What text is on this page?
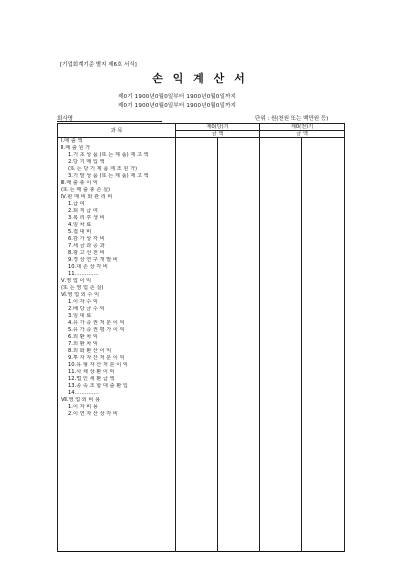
[기업회계기준 별지 제6호 서식]
손 익 계 산 서
제0기 1900년0월0일부터 1900년0월0일까지
제0기 1900년0월0일부터 1900년0월0일까지
회사명	단위 : 원(천원 또는 백만원 등)
과 목	제0(당)기		제0(전)기	
	금 액		금 액	
Ⅰ.매 출 액				
Ⅱ.매 출 원 가				
1.기 초 상 품 (또 는 제 품) 재 고 액				
2.당 기 매 입 액				
(또 는 당 기 제 품 제 조 원 가)				
3.기 말 상 품 (또 는 제 품) 재 고 액				
Ⅲ.매 출 총 이 익				
(또 는 매 출 총 손 실)				
Ⅳ.판 매 비 와 관 리 비				
1.급 여				
2.퇴 직 급 여				
3.복 리 후 생 비				
4.임 차 료				
5.접 대 비				
6.감 가 상 각 비				
7.세 금 과 공 과				
8.광 고 선 전 비				
9.경 상 연 구 개 발 비				
10.대 손 상 각 비				
11.………….				
Ⅴ.영 업 이 익				
(또 는 영 업 손 실)				
Ⅵ.영 업 외 수 익				
1.이 자 수 익				
2.배 당 금 수 익				
3.임 대 료				
4.유 가 증 권 처 분 이 익				
5.유 가 증 권 평 가 이 익				
6.외 환 차 익				
7.외 환 차 익				
8.외 화 환 산 이 익				
9.투 자 자 산 처 분 이 익				
10.유 형 자 산 처 분 이 익				
11.사 채 상 환 이 익				
12.법 인 세 환 급 액				
13.종 속 조 합 대 출 환 입				
14.………….				
Ⅶ.영 업 외 비 용				
1.이 자 비 용				
2.이 연 자 산 상 각 비				
